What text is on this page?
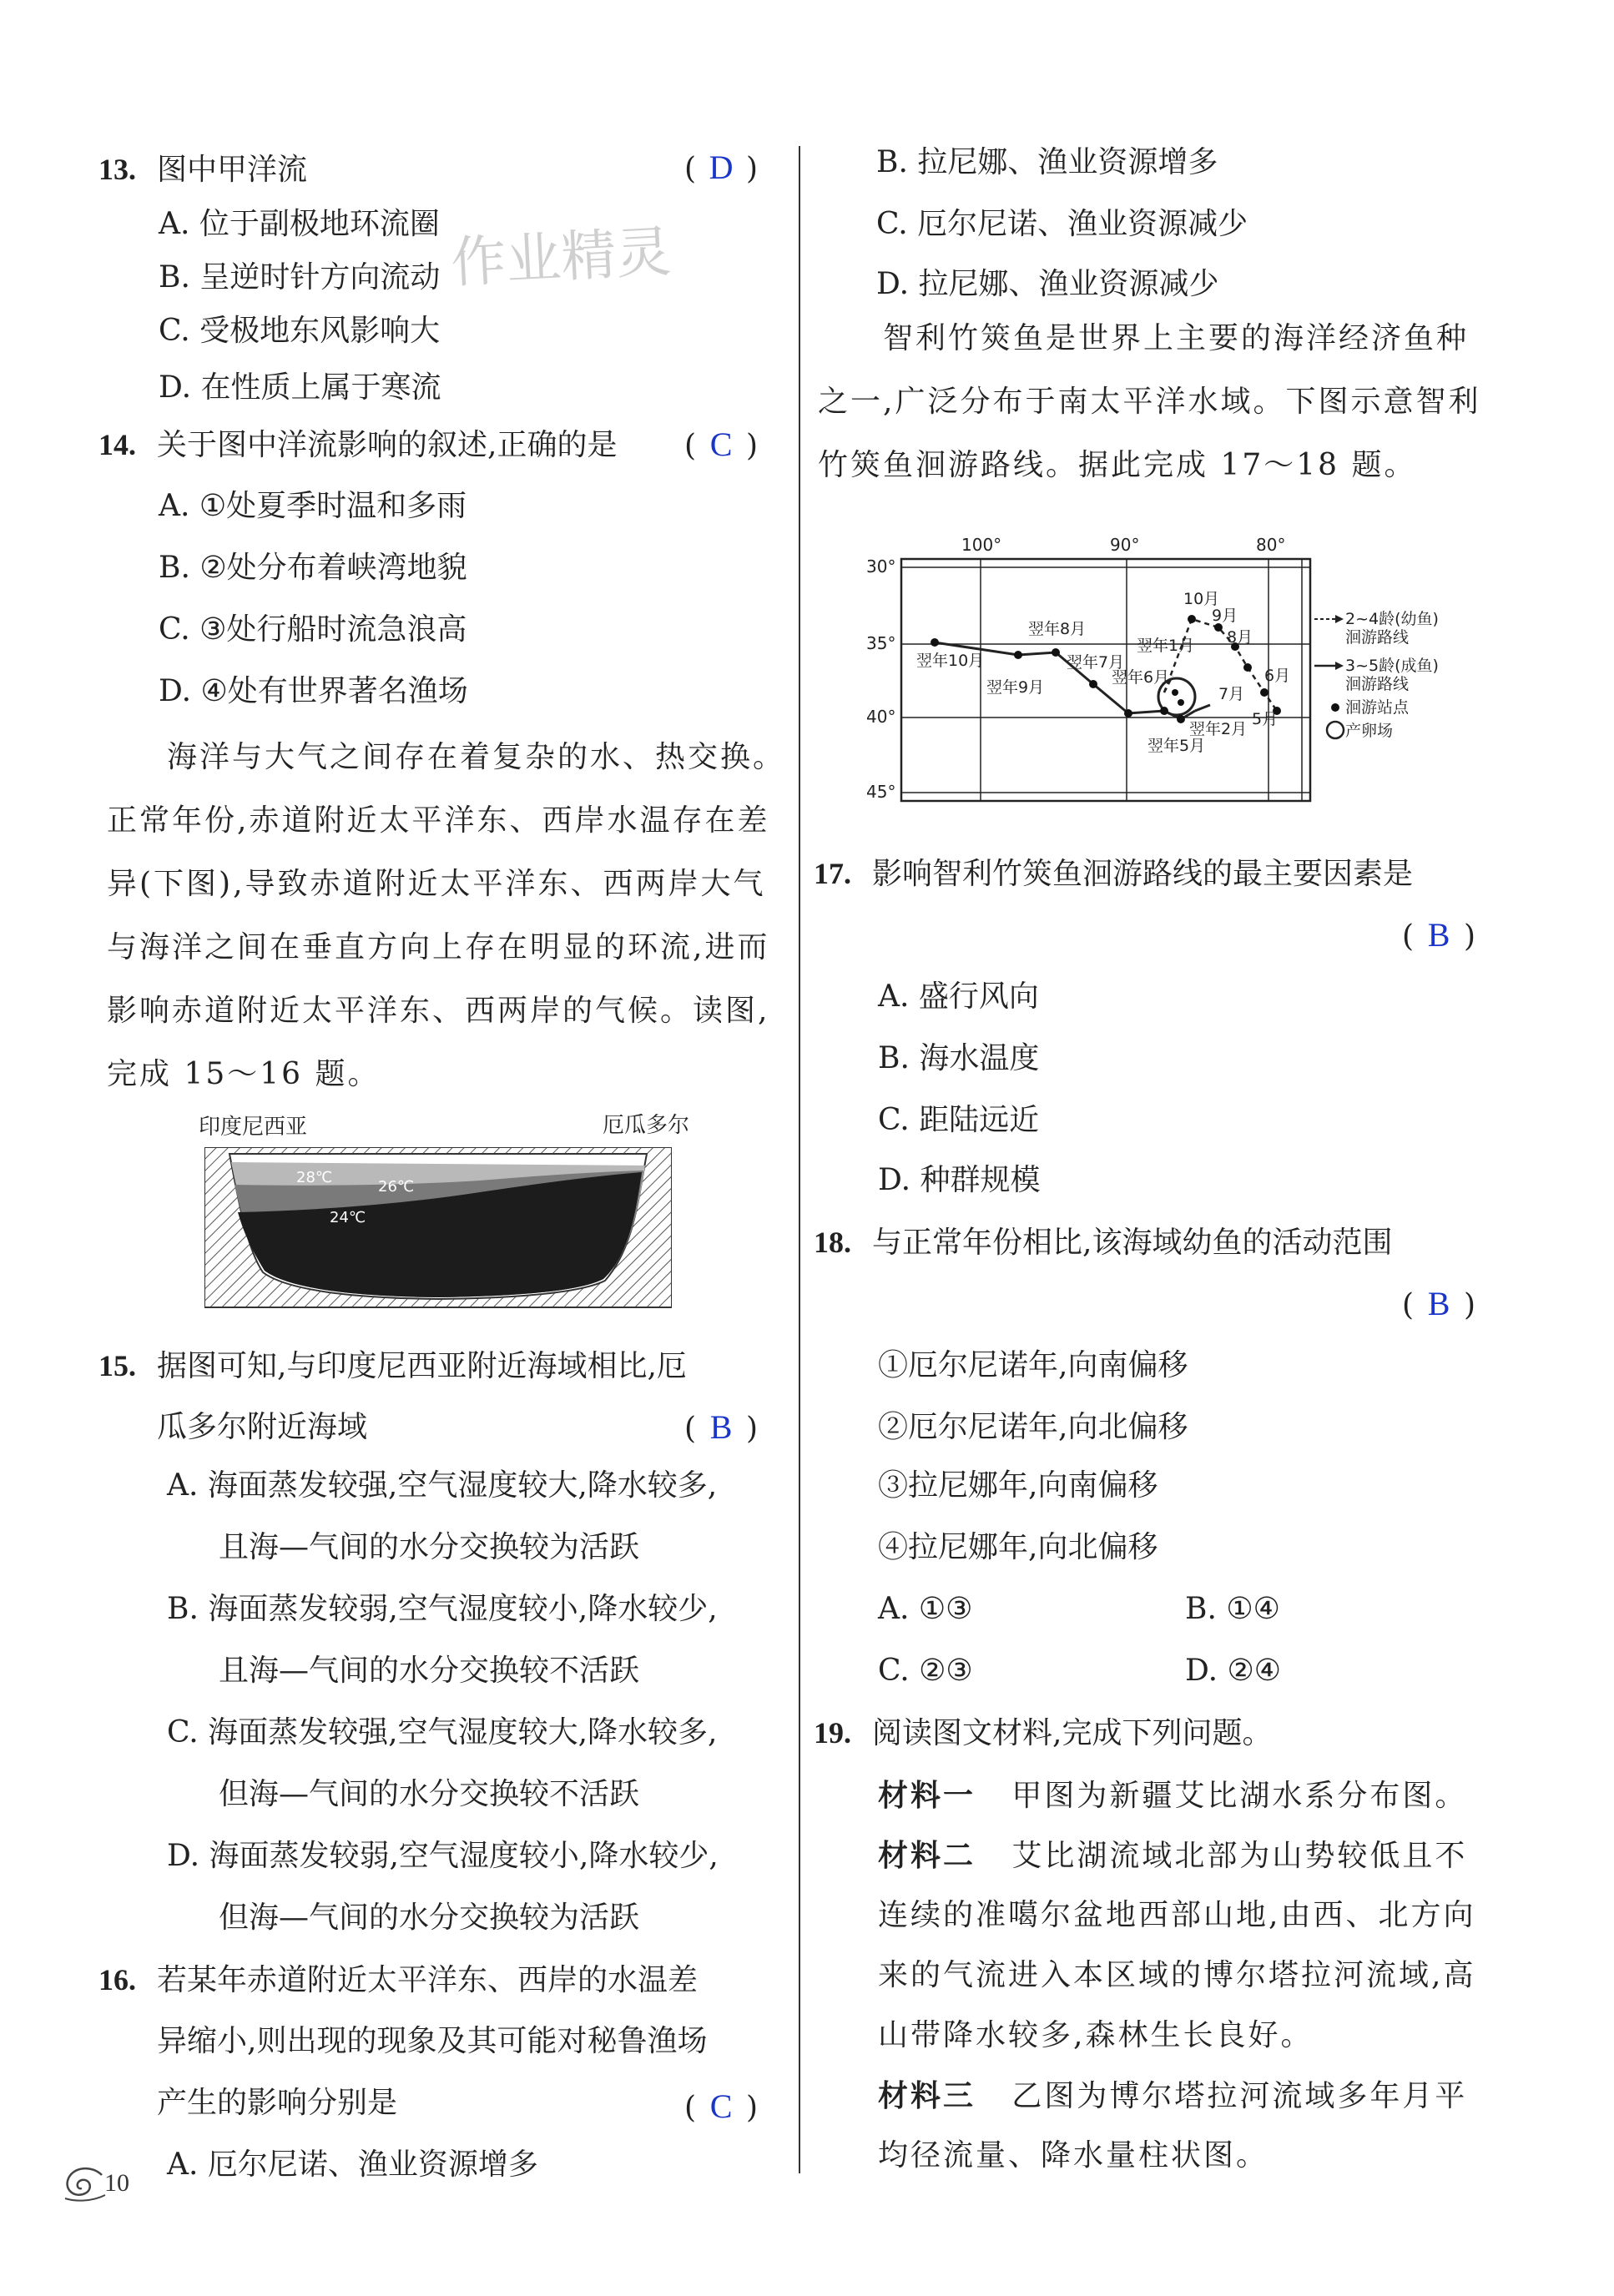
作业精灵
13. 图中甲洋流	( D )
A. 位于副极地环流圈
B. 呈逆时针方向流动
C. 受极地东风影响大
D. 在性质上属于寒流
14. 关于图中洋流影响的叙述,正确的是 ( C )
A. ①处夏季时温和多雨
B. ②处分布着峡湾地貌
C. ③处行船时流急浪高
D. ④处有世界著名渔场
海洋与大气之间存在着复杂的水、热交换。
正常年份,赤道附近太平洋东、西岸水温存在差
异(下图),导致赤道附近太平洋东、西两岸大气
与海洋之间在垂直方向上存在明显的环流,进而
影响赤道附近太平洋东、西两岸的气候。读图,
完成 15～16 题。
印度尼西亚	厄瓜多尔
28℃
26℃
24℃
15. 据图可知,与印度尼西亚附近海域相比,厄
瓜多尔附近海域	( B )
A. 海面蒸发较强,空气湿度较大,降水较多,
且海—气间的水分交换较为活跃
B. 海面蒸发较弱,空气湿度较小,降水较少,
且海—气间的水分交换较不活跃
C. 海面蒸发较强,空气湿度较大,降水较多,
但海—气间的水分交换较不活跃
D. 海面蒸发较弱,空气湿度较小,降水较少,
但海—气间的水分交换较为活跃
16. 若某年赤道附近太平洋东、西岸的水温差
异缩小,则出现的现象及其可能对秘鲁渔场
产生的影响分别是	( C )
A. 厄尔尼诺、渔业资源增多
10
B. 拉尼娜、渔业资源增多
C. 厄尔尼诺、渔业资源减少
D. 拉尼娜、渔业资源减少
智利竹筴鱼是世界上主要的海洋经济鱼种
之一,广泛分布于南太平洋水域。下图示意智利
竹筴鱼洄游路线。据此完成 17～18 题。
100°	90°	80°
30°
35°
40°
45°
翌年10月
翌年9月
翌年8月
翌年7月
翌年6月
翌年1月
10月
9月
8月
7月
6月
5月
翌年2月
翌年5月
2~4龄(幼鱼)
洄游路线
3~5龄(成鱼)
洄游路线
洄游站点
产卵场
17. 影响智利竹筴鱼洄游路线的最主要因素是
( B )
A. 盛行风向
B. 海水温度
C. 距陆远近
D. 种群规模
18. 与正常年份相比,该海域幼鱼的活动范围
( B )
①厄尔尼诺年,向南偏移
②厄尔尼诺年,向北偏移
③拉尼娜年,向南偏移
④拉尼娜年,向北偏移
A. ①③	B. ①④
C. ②③	D. ②④
19. 阅读图文材料,完成下列问题。
材料一 甲图为新疆艾比湖水系分布图。
材料二 艾比湖流域北部为山势较低且不
连续的准噶尔盆地西部山地,由西、北方向
来的气流进入本区域的博尔塔拉河流域,高
山带降水较多,森林生长良好。
材料三 乙图为博尔塔拉河流域多年月平
均径流量、降水量柱状图。
